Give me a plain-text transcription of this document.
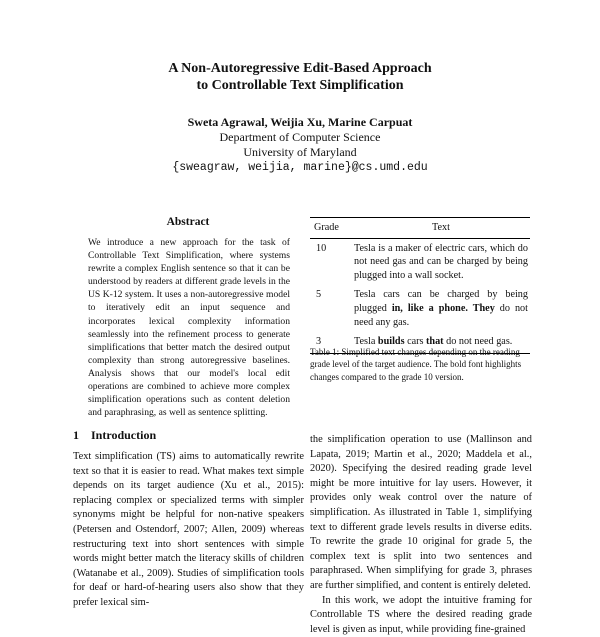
A Non-Autoregressive Edit-Based Approach
to Controllable Text Simplification
Sweta Agrawal, Weijia Xu, Marine Carpuat
Department of Computer Science
University of Maryland
{sweagraw, weijia, marine}@cs.umd.edu
Abstract
We introduce a new approach for the task of Controllable Text Simplification, where systems rewrite a complex English sentence so that it can be understood by readers at different grade levels in the US K-12 system. It uses a non-autoregressive model to iteratively edit an input sequence and incorporates lexical complexity information seamlessly into the refinement process to generate simplifications that better match the desired output complexity than strong autoregressive baselines. Analysis shows that our model's local edit operations are combined to achieve more complex simplification operations such as content deletion and paraphrasing, as well as sentence splitting.
Grade	Text
10	Tesla is a maker of electric cars, which do not need gas and can be charged by being plugged into a wall socket.
5	Tesla cars can be charged by being plugged in, like a phone. They do not need any gas.
3	Tesla builds cars that do not need gas.
Table 1: Simplified text changes depending on the reading grade level of the target audience. The bold font highlights changes compared to the grade 10 version.
1 Introduction
Text simplification (TS) aims to automatically rewrite text so that it is easier to read. What makes text simple depends on its target audience (Xu et al., 2015): replacing complex or specialized terms with simpler synonyms might be helpful for non-native speakers (Petersen and Ostendorf, 2007; Allen, 2009) whereas restructuring text into short sentences with simple words might better match the literacy skills of children (Watanabe et al., 2009). Studies of simplification tools for deaf or hard-of-hearing users also show that they prefer lexical sim-

the simplification operation to use (Mallinson and Lapata, 2019; Martin et al., 2020; Maddela et al., 2020). Specifying the desired reading grade level might be more intuitive for lay users. However, it provides only weak control over the nature of simplification. As illustrated in Table 1, simplifying text to different grade levels results in diverse edits. To rewrite the grade 10 original for grade 5, the complex text is split into two sentences and paraphrased. When simplifying for grade 3, phrases are further simplified, and content is entirely deleted.

In this work, we adopt the intuitive framing for Controllable TS where the desired reading grade level is given as input, while providing fine-grained
